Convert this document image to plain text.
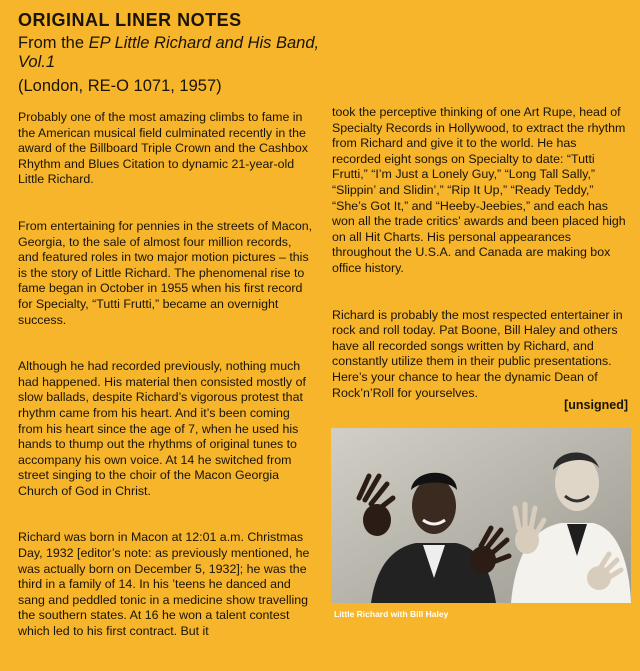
ORIGINAL LINER NOTES
From the EP Little Richard and His Band, Vol.1
(London, RE-O 1071, 1957)

Probably one of the most amazing climbs to fame in the American musical field culminated recently in the award of the Billboard Triple Crown and the Cashbox Rhythm and Blues Citation to dynamic 21-year-old Little Richard.

From entertaining for pennies in the streets of Macon, Georgia, to the sale of almost four million records, and featured roles in two major motion pictures – this is the story of Little Richard. The phenomenal rise to fame began in October in 1955 when his first record for Specialty, “Tutti Frutti,” became an overnight success.

Although he had recorded previously, nothing much had happened. His material then consisted mostly of slow ballads, despite Richard’s vigorous protest that rhythm came from his heart. And it’s been coming from his heart since the age of 7, when he used his hands to thump out the rhythms of original tunes to accompany his own voice. At 14 he switched from street singing to the choir of the Macon Georgia Church of God in Christ.

Richard was born in Macon at 12:01 a.m. Christmas Day, 1932 [editor’s note: as previously mentioned, he was actually born on December 5, 1932]; he was the third in a family of 14. In his ’teens he danced and sang and peddled tonic in a medicine show travelling the southern states. At 16 he won a talent contest which led to his first contract. But it

took the perceptive thinking of one Art Rupe, head of Specialty Records in Hollywood, to extract the rhythm from Richard and give it to the world. He has recorded eight songs on Specialty to date: “Tutti Frutti,” “I’m Just a Lonely Guy,” “Long Tall Sally,” “Slippin’ and Slidin’,” “Rip It Up,” “Ready Teddy,” “She’s Got It,” and “Heeby-Jeebies,” and each has won all the trade critics’ awards and been placed high on all Hit Charts. His personal appearances throughout the U.S.A. and Canada are making box office history.

Richard is probably the most respected entertainer in rock and roll today. Pat Boone, Bill Haley and others have all recorded songs written by Richard, and constantly utilize them in their public presentations. Here’s your chance to hear the dynamic Dean of Rock’n’Roll for yourselves.

[unsigned]
Little Richard with Bill Haley
